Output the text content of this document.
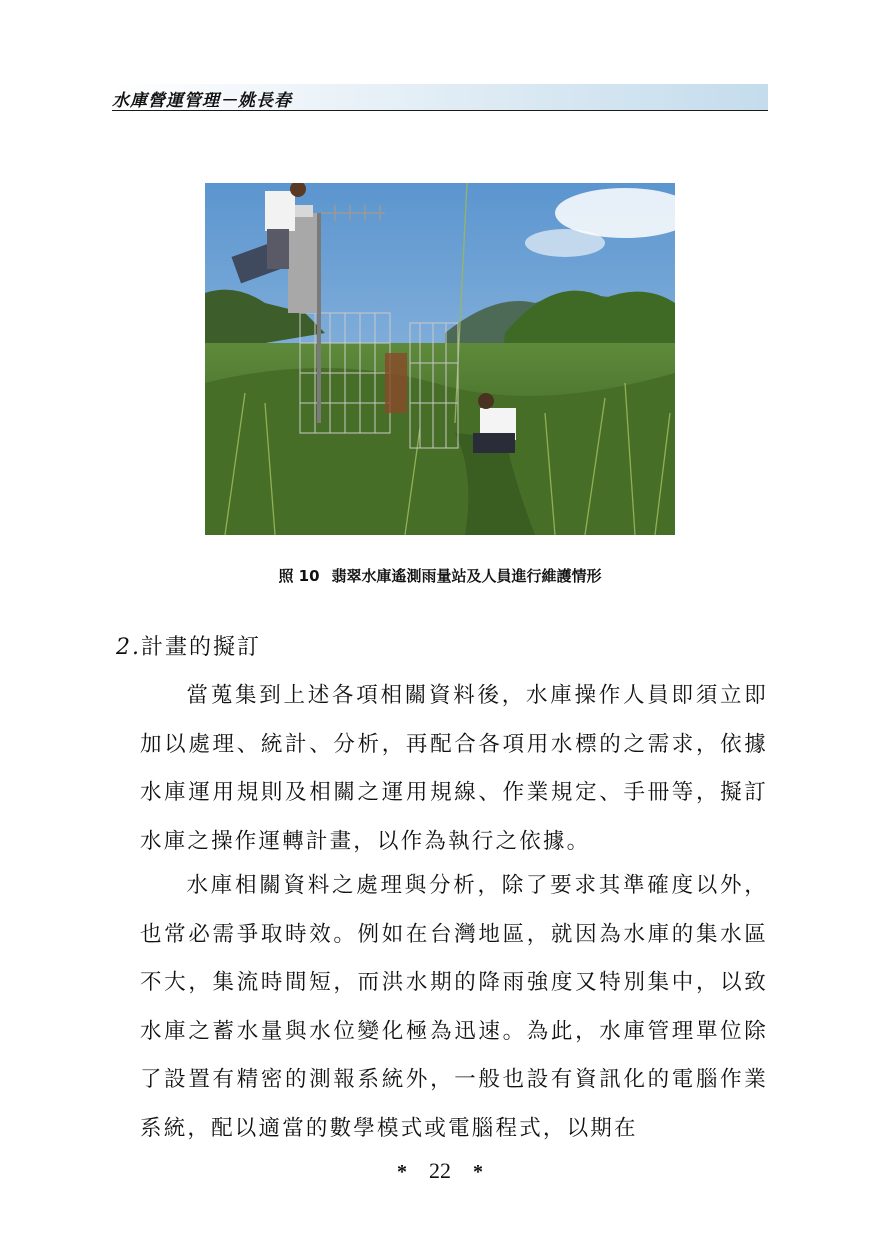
水庫營運管理－姚長春
照 10 翡翠水庫遙測雨量站及人員進行維護情形
2.計畫的擬訂

當蒐集到上述各項相關資料後，水庫操作人員即須立即加以處理、統計、分析，再配合各項用水標的之需求，依據水庫運用規則及相關之運用規線、作業規定、手冊等，擬訂水庫之操作運轉計畫，以作為執行之依據。

水庫相關資料之處理與分析，除了要求其準確度以外，也常必需爭取時效。例如在台灣地區，就因為水庫的集水區不大，集流時間短，而洪水期的降雨強度又特別集中，以致水庫之蓄水量與水位變化極為迅速。為此，水庫管理單位除了設置有精密的測報系統外，一般也設有資訊化的電腦作業系統，配以適當的數學模式或電腦程式，以期在

* 22 *
